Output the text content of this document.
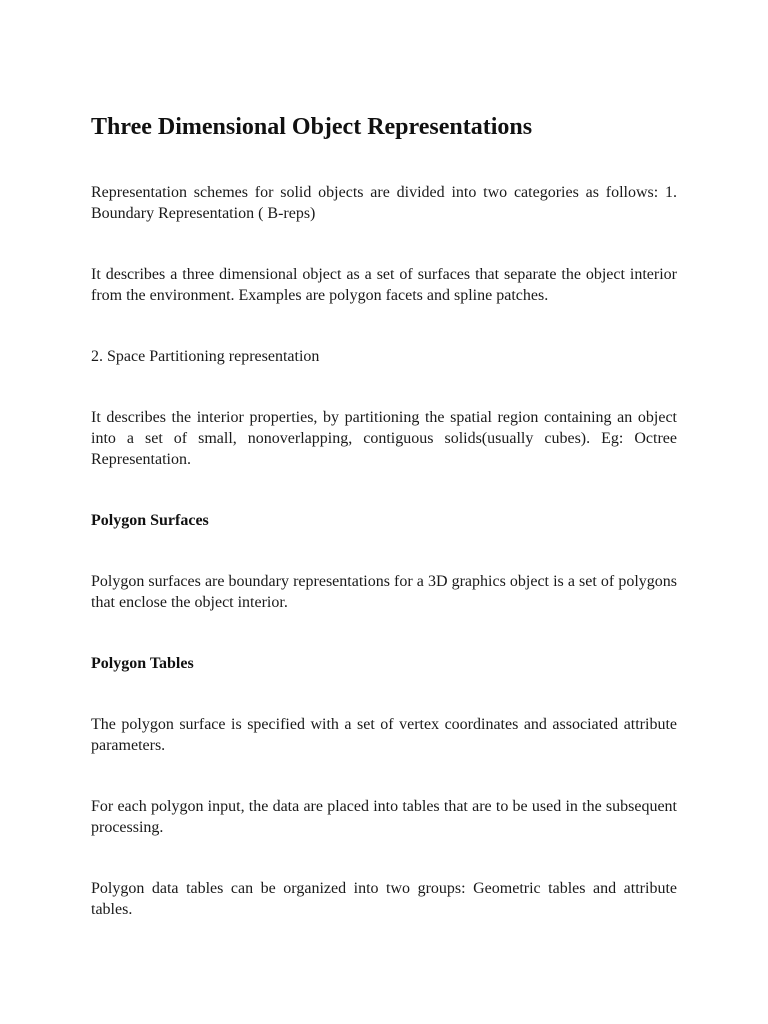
Three Dimensional Object Representations

Representation schemes for solid objects are divided into two categories as follows: 1. Boundary Representation ( B-reps)

It describes a three dimensional object as a set of surfaces that separate the object interior from the environment. Examples are polygon facets and spline patches.

2. Space Partitioning representation

It describes the interior properties, by partitioning the spatial region containing an object into a set of small, nonoverlapping, contiguous solids(usually cubes). Eg: Octree Representation.

Polygon Surfaces

Polygon surfaces are boundary representations for a 3D graphics object is a set of polygons that enclose the object interior.

Polygon Tables

The polygon surface is specified with a set of vertex coordinates and associated attribute parameters.

For each polygon input, the data are placed into tables that are to be used in the subsequent processing.

Polygon data tables can be organized into two groups: Geometric tables and attribute tables.
